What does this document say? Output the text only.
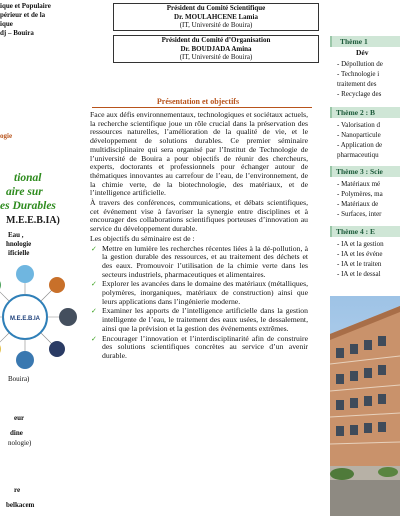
ique et Populaire
périeur et de la
ique
dj – Bouira
ogie
tional
aire sur
es Durables
M.E.E.B.IA)
Eau ,
hnologie
ificielle
M.E.E.B.IA
Bouira)
eur
dine
nologie)
re
belkacem
Président du Comité Scientifique
Dr. MOULAHCENE Lamia
(IT, Université de Bouira)
Président du Comité d’Organisation
Dr. BOUDJADA Amina
(IT, Université de Bouira)
Présentation et objectifs

Face aux défis environnementaux, technologiques et sociétaux actuels, la recherche scientifique joue un rôle crucial dans la préservation des ressources naturelles, l’amélioration de la qualité de vie, et le développement de solutions durables. Ce premier séminaire multidisciplinaire qui sera organisé par l’Institut de Technologie de l’université de Bouira a pour objectifs de réunir des chercheurs, experts, doctorants et professionnels pour échanger autour de thématiques innovantes au carrefour de l’eau, de l’environnement, de la chimie verte, de la biotechnologie, des matériaux, et de l’intelligence artificielle.

À travers des conférences, communications, et débats scientifiques, cet événement vise à favoriser la synergie entre disciplines et à encourager des collaborations scientifiques porteuses d’innovation au service du développement durable.

Les objectifs du séminaire est de :

✓ Mettre en lumière les recherches récentes liées à la dé-pollution, à la gestion durable des ressources, et au traitement des déchets et des eaux. Promouvoir l’utilisation de la chimie verte dans les secteurs industriels, pharmaceutiques et alimentaires.
✓ Explorer les avancées dans le domaine des matériaux (métalliques, polymères, inorganiques, matériaux de construction) ainsi que leurs applications dans l’ingénierie moderne.
✓ Examiner les apports de l’intelligence artificielle dans la gestion intelligente de l’eau, le traitement des eaux usées, le dessalement, ainsi que la prévision et la gestion des événements extrêmes.
✓ Encourager l’innovation et l’interdisciplinarité afin de construire des solutions scientifiques concrètes au service d’un avenir durable.
Thème 1
Dév
- Dépollution de
- Technologie i
traitement des
- Recyclage des
Thème 2 : B
- Valorisation d
- Nanoparticule
- Application de
pharmaceutiqu
Thème 3 : Scie
- Matériaux mé
- Polymères, ma
- Matériaux de
- Surfaces, inter
Thème 4 : E
- IA et la gestion
- IA et les événe
- IA et le traiten
- IA et le dessal
